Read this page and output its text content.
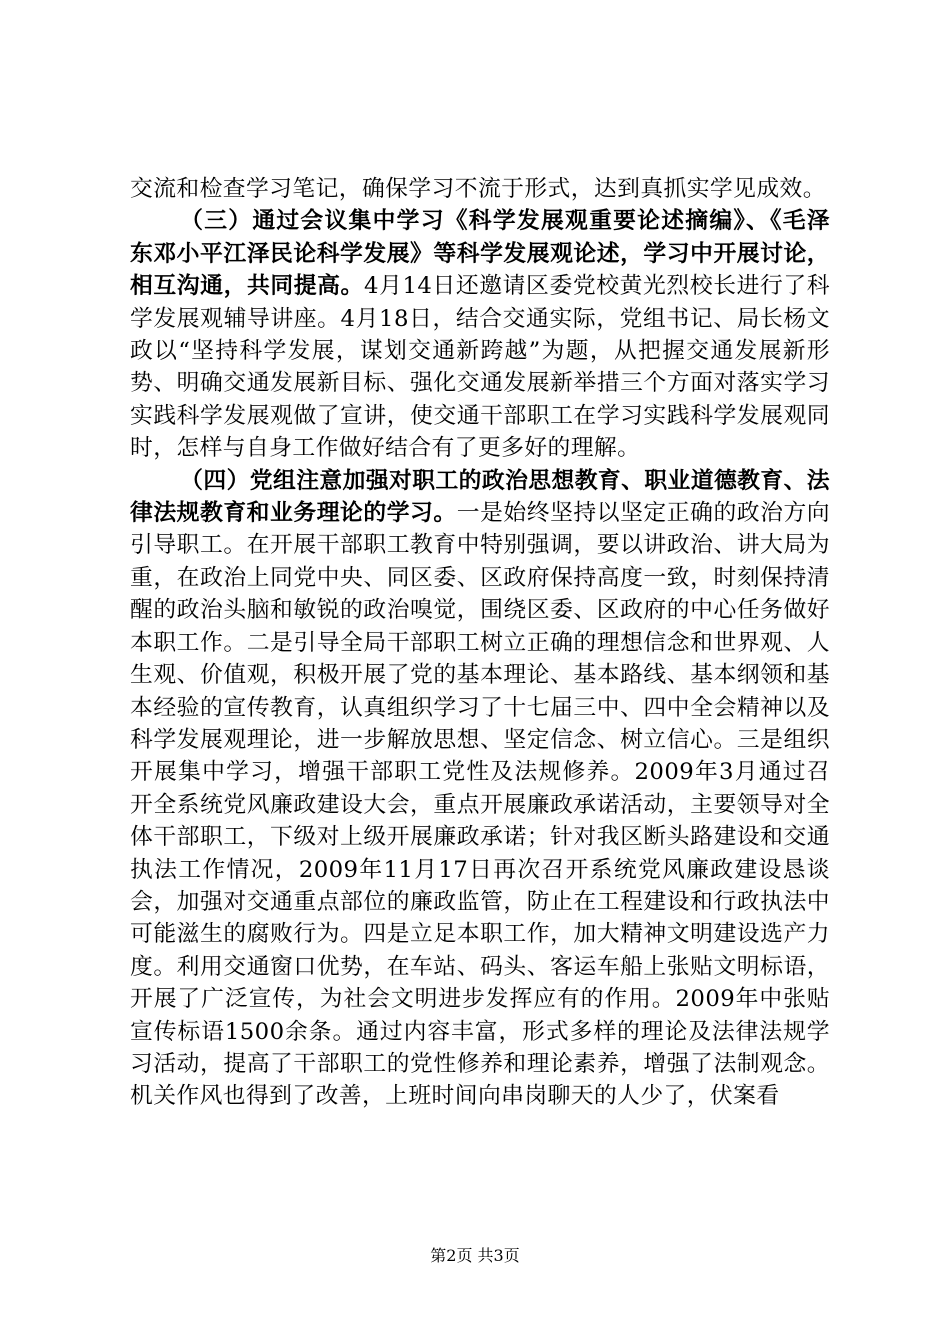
交流和检查学习笔记，确保学习不流于形式，达到真抓实学见成效。

（三）通过会议集中学习《科学发展观重要论述摘编》、《毛泽东邓小平江泽民论科学发展》等科学发展观论述，学习中开展讨论，相互沟通，共同提高。4月14日还邀请区委党校黄光烈校长进行了科学发展观辅导讲座。4月18日，结合交通实际，党组书记、局长杨文政以“坚持科学发展，谋划交通新跨越”为题，从把握交通发展新形势、明确交通发展新目标、强化交通发展新举措三个方面对落实学习实践科学发展观做了宣讲，使交通干部职工在学习实践科学发展观同时，怎样与自身工作做好结合有了更多好的理解。

（四）党组注意加强对职工的政治思想教育、职业道德教育、法律法规教育和业务理论的学习。一是始终坚持以坚定正确的政治方向引导职工。在开展干部职工教育中特别强调，要以讲政治、讲大局为重，在政治上同党中央、同区委、区政府保持高度一致，时刻保持清醒的政治头脑和敏锐的政治嗅觉，围绕区委、区政府的中心任务做好本职工作。二是引导全局干部职工树立正确的理想信念和世界观、人生观、价值观，积极开展了党的基本理论、基本路线、基本纲领和基本经验的宣传教育，认真组织学习了十七届三中、四中全会精神以及科学发展观理论，进一步解放思想、坚定信念、树立信心。三是组织开展集中学习，增强干部职工党性及法规修养。2009年3月通过召开全系统党风廉政建设大会，重点开展廉政承诺活动，主要领导对全体干部职工，下级对上级开展廉政承诺；针对我区断头路建设和交通执法工作情况，2009年11月17日再次召开系统党风廉政建设恳谈会，加强对交通重点部位的廉政监管，防止在工程建设和行政执法中可能滋生的腐败行为。四是立足本职工作，加大精神文明建设选产力度。利用交通窗口优势，在车站、码头、客运车船上张贴文明标语，开展了广泛宣传，为社会文明进步发挥应有的作用。2009年中张贴宣传标语1500余条。通过内容丰富，形式多样的理论及法律法规学习活动，提高了干部职工的党性修养和理论素养，增强了法制观念。机关作风也得到了改善，上班时间向串岗聊天的人少了，伏案看

第2页 共3页
